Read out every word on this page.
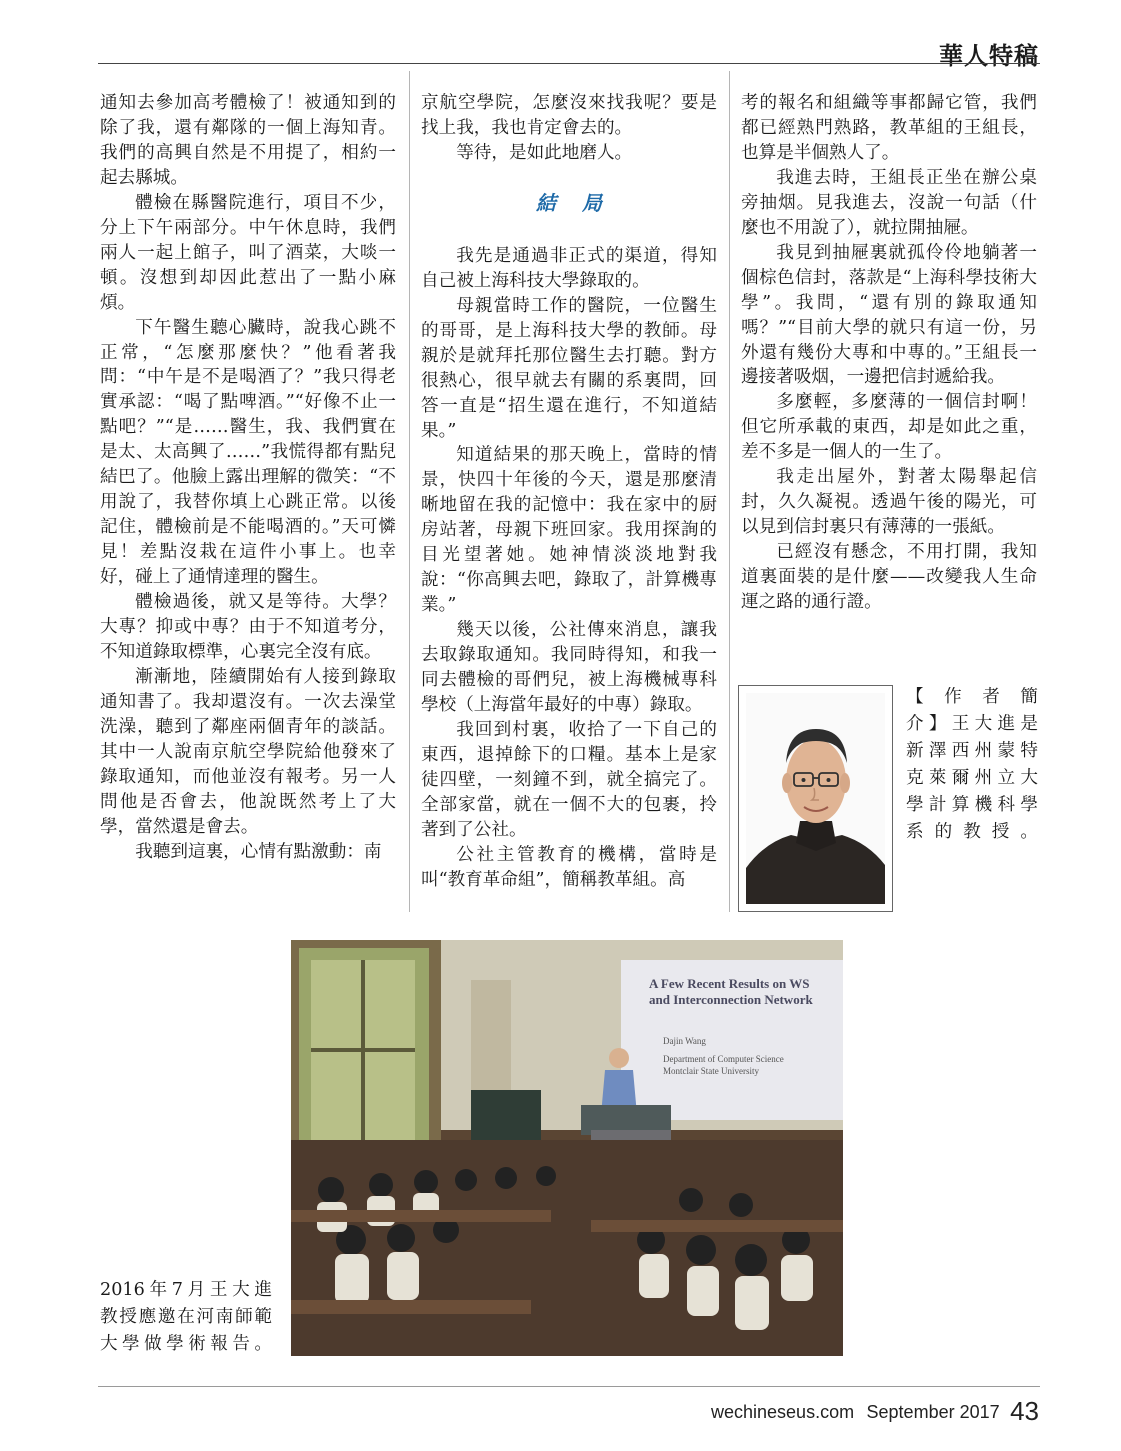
華人特稿

通知去參加高考體檢了！被通知到的除了我，還有鄰隊的一個上海知青。我們的高興自然是不用提了，相約一起去縣城。

體檢在縣醫院進行，項目不少，分上下午兩部分。中午休息時，我們兩人一起上館子，叫了酒菜，大啖一頓。沒想到却因此惹出了一點小麻煩。

下午醫生聽心臟時，說我心跳不正常，“怎麼那麼快？”他看著我問：“中午是不是喝酒了？”我只得老實承認：“喝了點啤酒。”“好像不止一點吧？”“是……醫生，我、我們實在是太、太高興了……”我慌得都有點兒結巴了。他臉上露出理解的微笑：“不用說了，我替你填上心跳正常。以後記住，體檢前是不能喝酒的。”天可憐見！差點沒栽在這件小事上。也幸好，碰上了通情達理的醫生。

體檢過後，就又是等待。大學？大專？抑或中專？由于不知道考分，不知道錄取標準，心裏完全沒有底。

漸漸地，陸續開始有人接到錄取通知書了。我却還沒有。一次去澡堂洗澡，聽到了鄰座兩個青年的談話。其中一人說南京航空學院給他發來了錄取通知，而他並沒有報考。另一人問他是否會去，他說既然考上了大學，當然還是會去。

我聽到這裏，心情有點激動：南

京航空學院，怎麼沒來找我呢？要是找上我，我也肯定會去的。

等待，是如此地磨人。

結局

我先是通過非正式的渠道，得知自己被上海科技大學錄取的。

母親當時工作的醫院，一位醫生的哥哥，是上海科技大學的教師。母親於是就拜托那位醫生去打聽。對方很熱心，很早就去有關的系裏問，回答一直是“招生還在進行，不知道結果。”

知道結果的那天晚上，當時的情景，快四十年後的今天，還是那麼清晰地留在我的記憶中：我在家中的厨房站著，母親下班回家。我用探詢的目光望著她。她神情淡淡地對我說：“你高興去吧，錄取了，計算機專業。”

幾天以後，公社傳來消息，讓我去取錄取通知。我同時得知，和我一同去體檢的哥們兒，被上海機械專科學校（上海當年最好的中專）錄取。

我回到村裏，收拾了一下自己的東西，退掉餘下的口糧。基本上是家徒四壁，一刻鐘不到，就全搞完了。全部家當，就在一個不大的包裹，拎著到了公社。

公社主管教育的機構，當時是叫“教育革命組”，簡稱教革組。高

考的報名和組織等事都歸它管，我們都已經熟門熟路，教革組的王組長，也算是半個熟人了。

我進去時，王組長正坐在辦公桌旁抽烟。見我進去，沒說一句話（什麼也不用說了），就拉開抽屜。

我見到抽屜裏就孤伶伶地躺著一個棕色信封，落款是“上海科學技術大學”。我問，“還有別的錄取通知嗎？”“目前大學的就只有這一份，另外還有幾份大專和中專的。”王組長一邊接著吸烟，一邊把信封遞給我。

多麼輕，多麼薄的一個信封啊！但它所承載的東西，却是如此之重，差不多是一個人的一生了。

我走出屋外，對著太陽舉起信封，久久凝視。透過午後的陽光，可以見到信封裏只有薄薄的一張紙。

已經沒有懸念，不用打開，我知道裏面裝的是什麼——改變我人生命運之路的通行證。

【作者簡
介】王大進是
新澤西州蒙特
克萊爾州立大
學計算機科學
系的教授。
A Few Recent Results on WS
and Interconnection Network
Dajin Wang
Department of Computer Science
Montclair State University
2016年7月王大進
教授應邀在河南師範
大學做學術報告。
wechineseus.com September 2017 43
